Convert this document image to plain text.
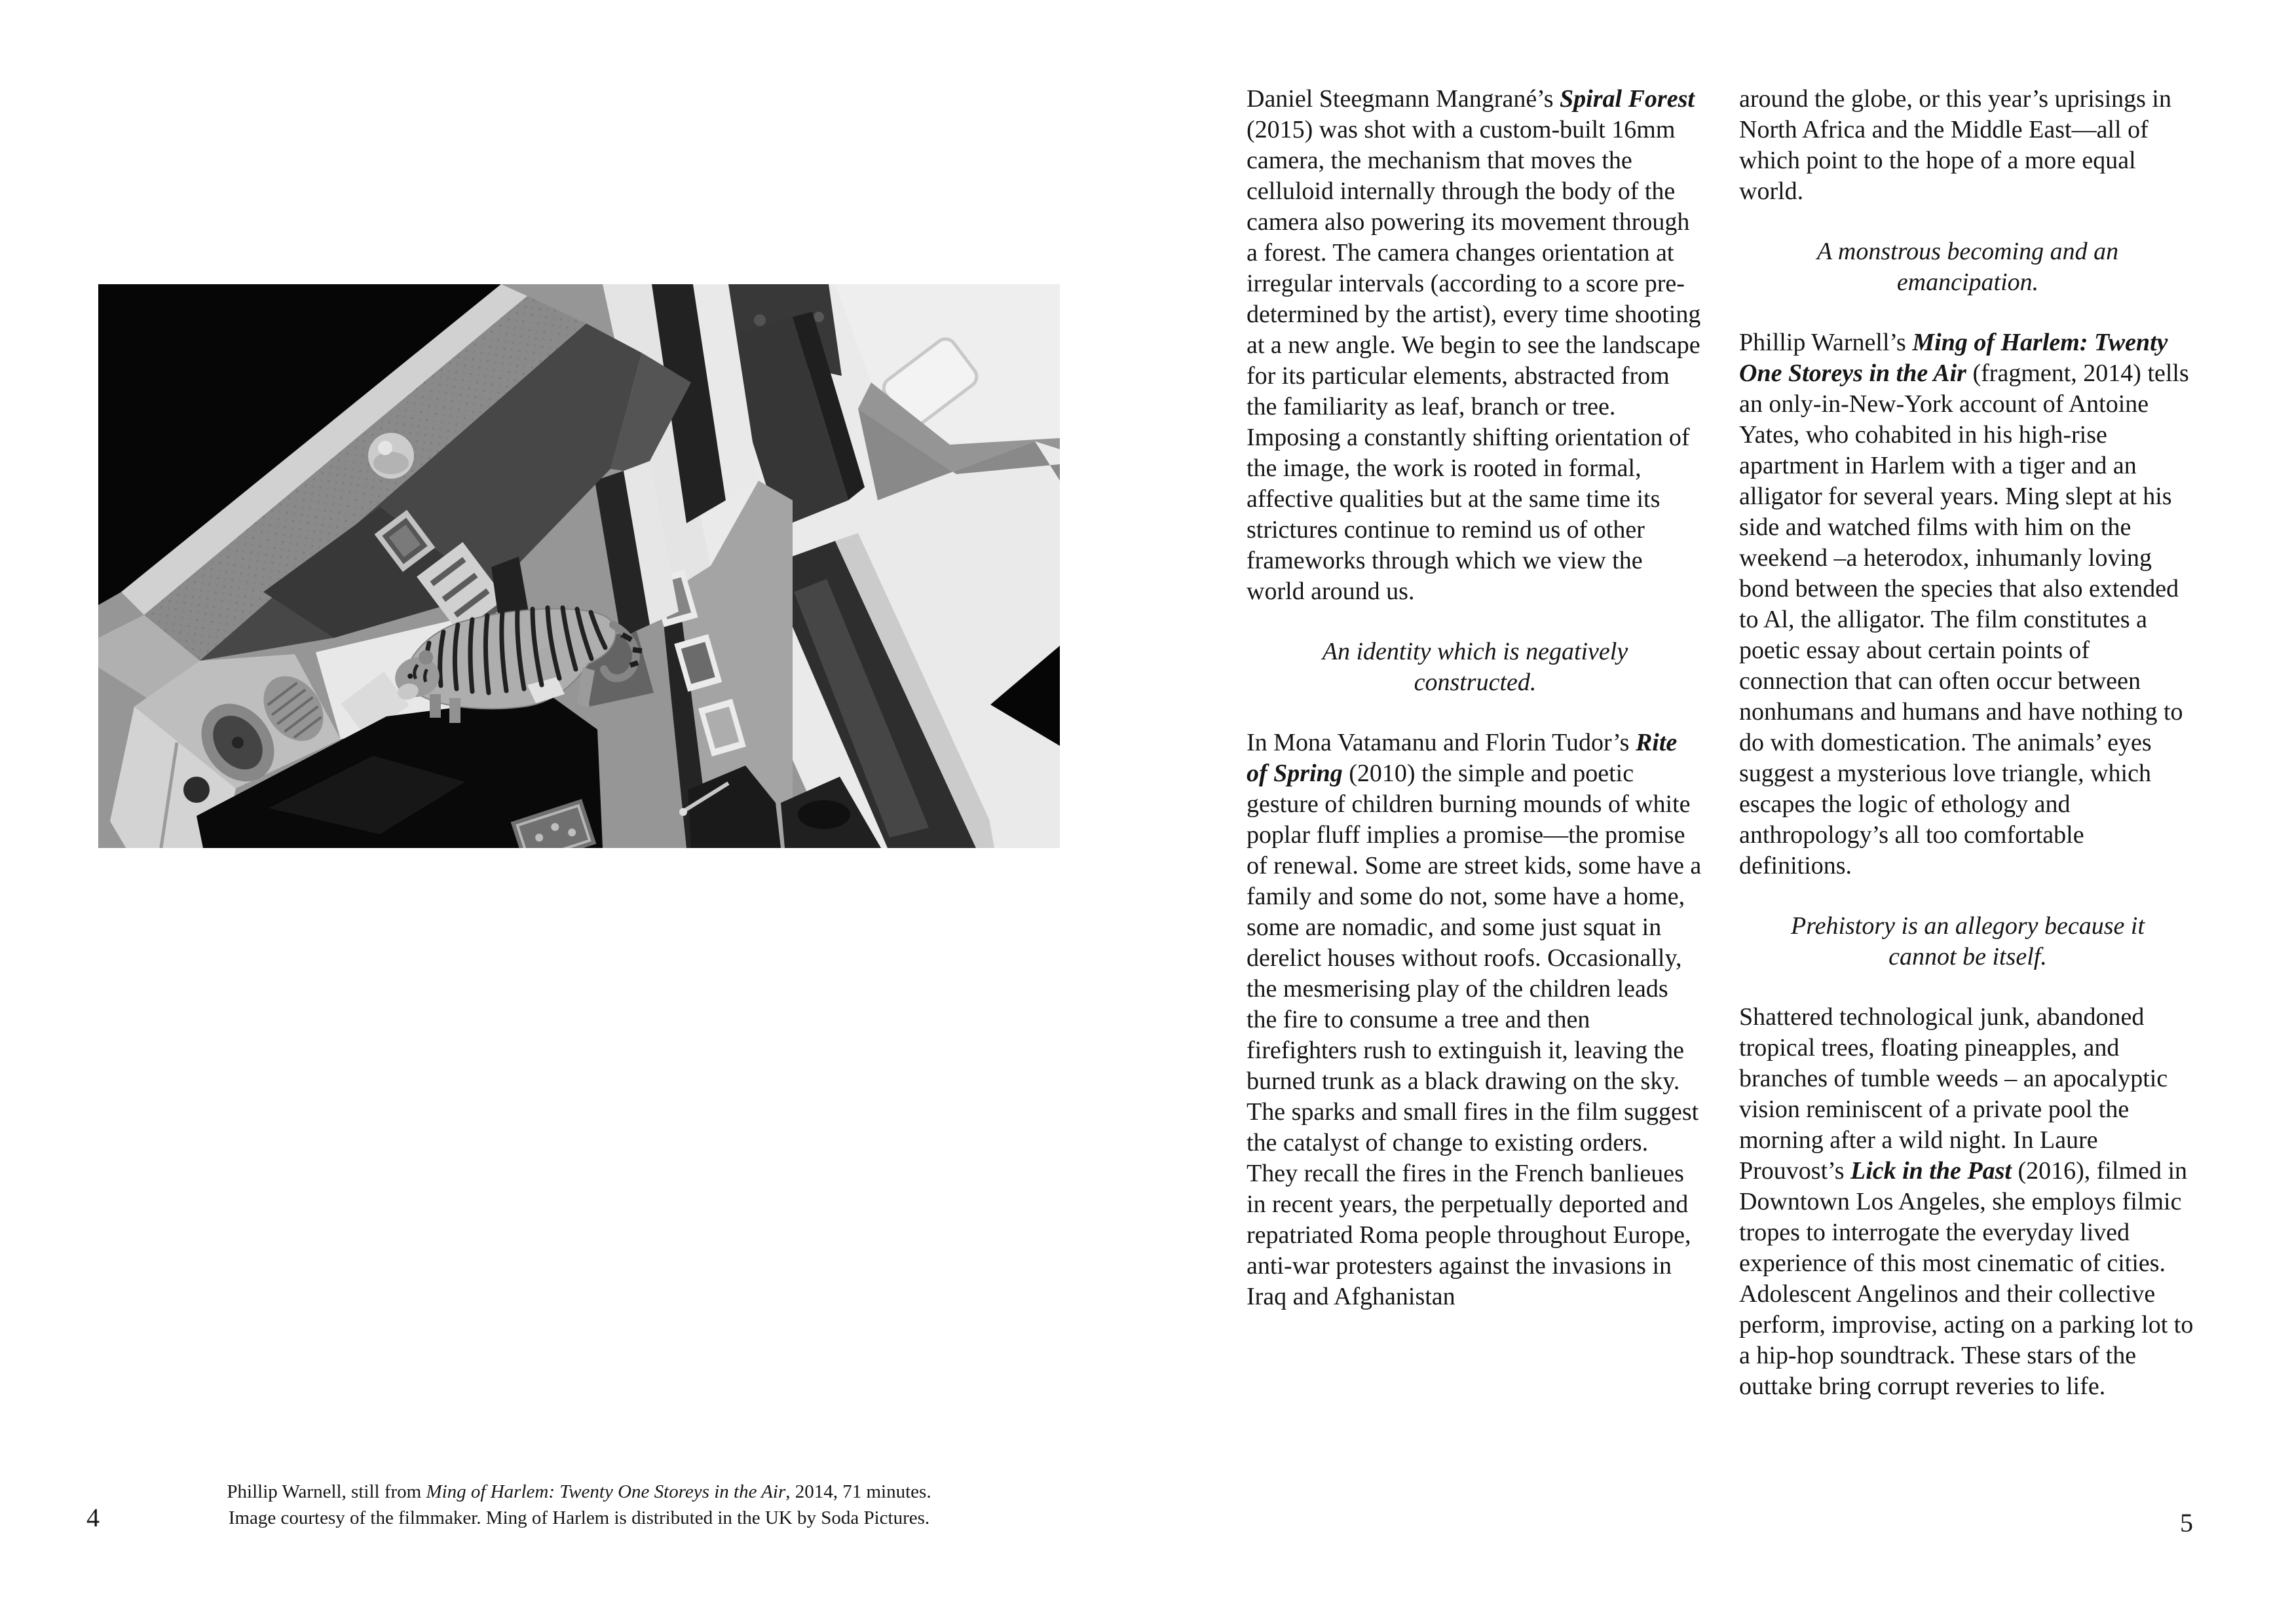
Phillip Warnell, still from Ming of Harlem: Twenty One Storeys in the Air, 2014, 71 minutes.
Image courtesy of the filmmaker. Ming of Harlem is distributed in the UK by Soda Pictures.
4

Daniel Steegmann Mangrané’s Spiral Forest (2015) was shot with a custom-built 16mm camera, the mechanism that moves the celluloid internally through the body of the camera also powering its movement through a forest. The camera changes orientation at irregular intervals (according to a score pre-determined by the artist), every time shooting at a new angle. We begin to see the landscape for its particular elements, abstracted from the familiarity as leaf, branch or tree. Imposing a constantly shifting orientation of the image, the work is rooted in formal, affective qualities but at the same time its strictures continue to remind us of other frameworks through which we view the world around us.

An identity which is negatively constructed.

In Mona Vatamanu and Florin Tudor’s Rite of Spring (2010) the simple and poetic gesture of children burning mounds of white poplar fluff implies a promise—the promise of renewal. Some are street kids, some have a family and some do not, some have a home, some are nomadic, and some just squat in derelict houses without roofs. Occasionally, the mesmerising play of the children leads the fire to consume a tree and then firefighters rush to extinguish it, leaving the burned trunk as a black drawing on the sky. The sparks and small fires in the film suggest the catalyst of change to existing orders. They recall the fires in the French banlieues in recent years, the perpetually deported and repatriated Roma people throughout Europe, anti-war protesters against the invasions in Iraq and Afghanistan

around the globe, or this year’s uprisings in North Africa and the Middle East—all of which point to the hope of a more equal world.

A monstrous becoming and an emancipation.

Phillip Warnell’s Ming of Harlem: Twenty One Storeys in the Air (fragment, 2014) tells an only-in-New-York account of Antoine Yates, who cohabited in his high-rise apartment in Harlem with a tiger and an alligator for several years. Ming slept at his side and watched films with him on the weekend –a heterodox, inhumanly loving bond between the species that also extended to Al, the alligator. The film constitutes a poetic essay about certain points of connection that can often occur between nonhumans and humans and have nothing to do with domestication. The animals’ eyes suggest a mysterious love triangle, which escapes the logic of ethology and anthropology’s all too comfortable definitions.

Prehistory is an allegory because it cannot be itself.

Shattered technological junk, abandoned tropical trees, floating pineapples, and branches of tumble weeds – an apocalyptic vision reminiscent of a private pool the morning after a wild night. In Laure Prouvost’s Lick in the Past (2016), filmed in Downtown Los Angeles, she employs filmic tropes to interrogate the everyday lived experience of this most cinematic of cities. Adolescent Angelinos and their collective perform, improvise, acting on a parking lot to a hip-hop soundtrack. These stars of the outtake bring corrupt reveries to life.

5
